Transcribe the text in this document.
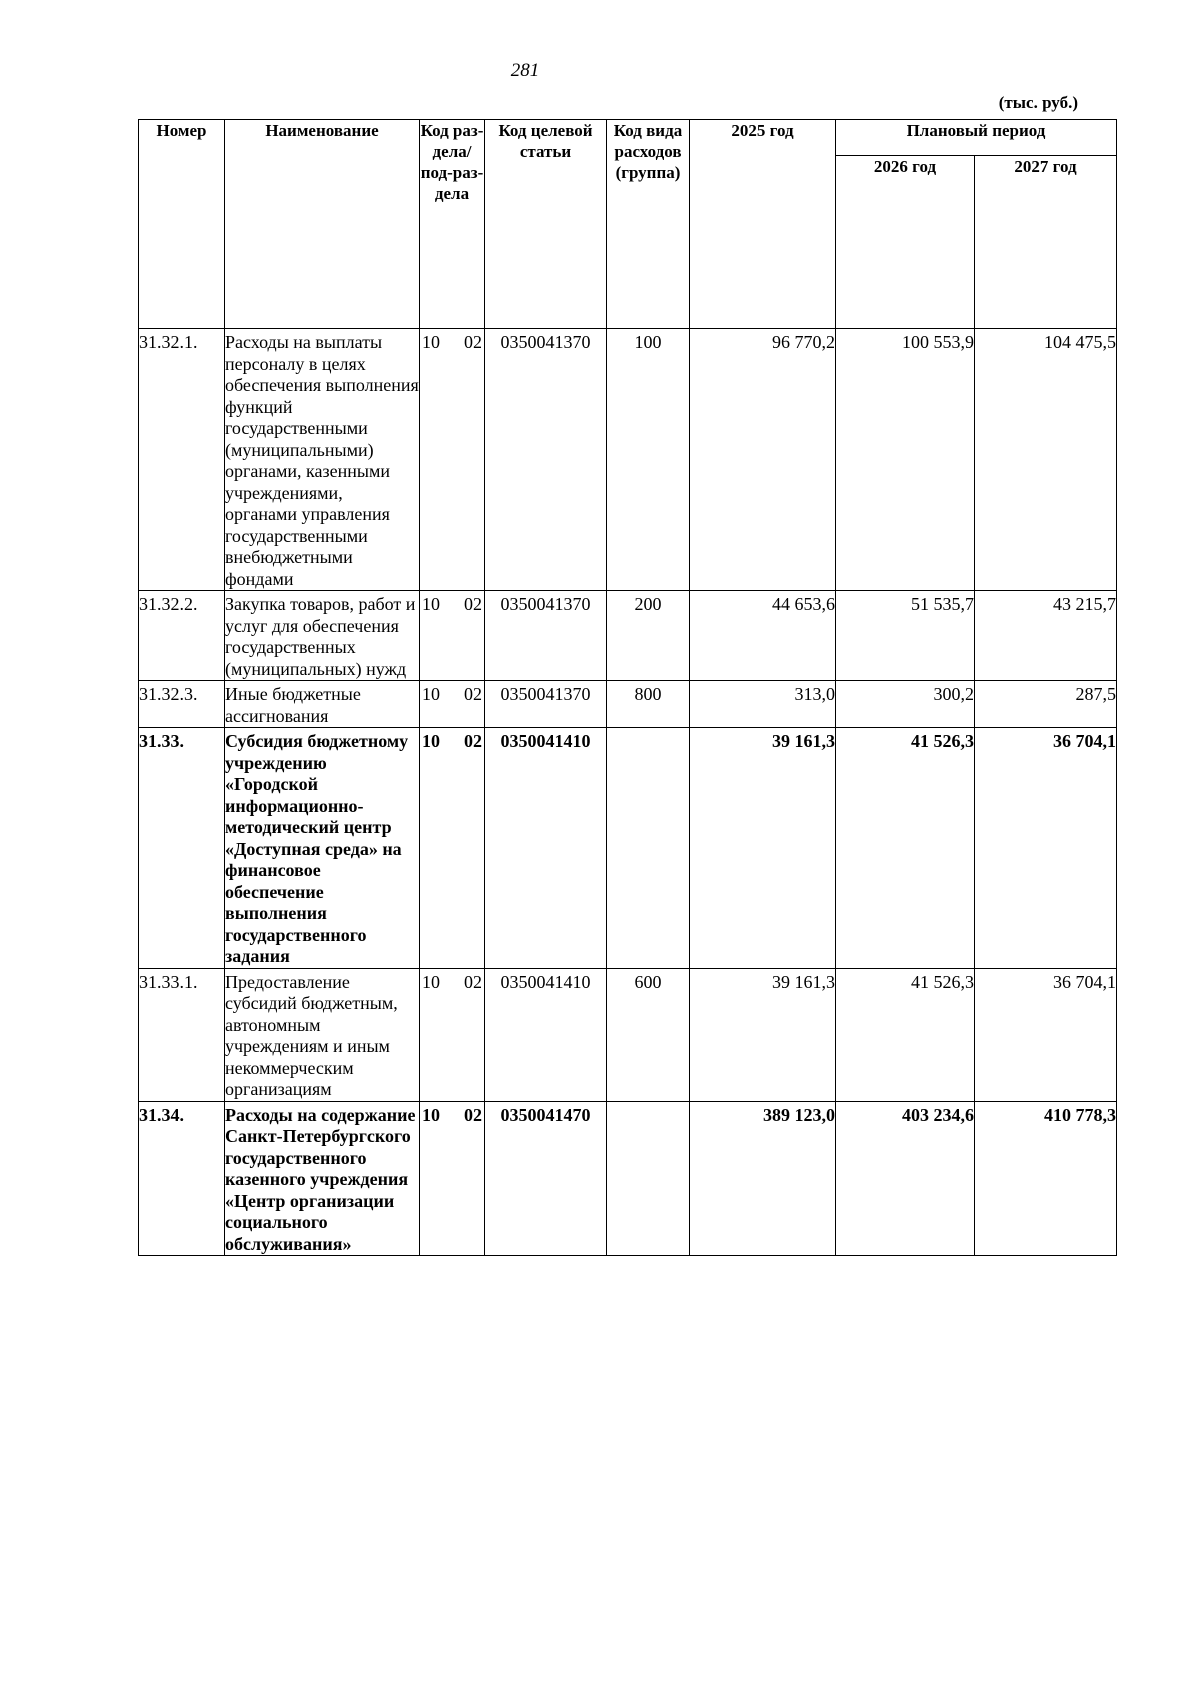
281
(тыс. руб.)
Номер	Наименование	Код раз-дела/ под-раз-дела	Код целевой статьи	Код вида расходов (группа)	2025 год	Плановый период	
						2026 год	2027 год
31.32.1.	Расходы на выплаты персоналу в целях обеспечения выполнения функций государственными (муниципальными) органами, казенными учреждениями, органами управления государственными внебюджетными фондами	10 02	0350041370	100	96 770,2	100 553,9	104 475,5
31.32.2.	Закупка товаров, работ и услуг для обеспечения государственных (муниципальных) нужд	10 02	0350041370	200	44 653,6	51 535,7	43 215,7
31.32.3.	Иные бюджетные ассигнования	10 02	0350041370	800	313,0	300,2	287,5
31.33.	Субсидия бюджетному учреждению «Городской информационно-методический центр «Доступная среда» на финансовое обеспечение выполнения государственного задания	10 02	0350041410		39 161,3	41 526,3	36 704,1
31.33.1.	Предоставление субсидий бюджетным, автономным учреждениям и иным некоммерческим организациям	10 02	0350041410	600	39 161,3	41 526,3	36 704,1
31.34.	Расходы на содержание Санкт-Петербургского государственного казенного учреждения «Центр организации социального обслуживания»	10 02	0350041470		389 123,0	403 234,6	410 778,3
